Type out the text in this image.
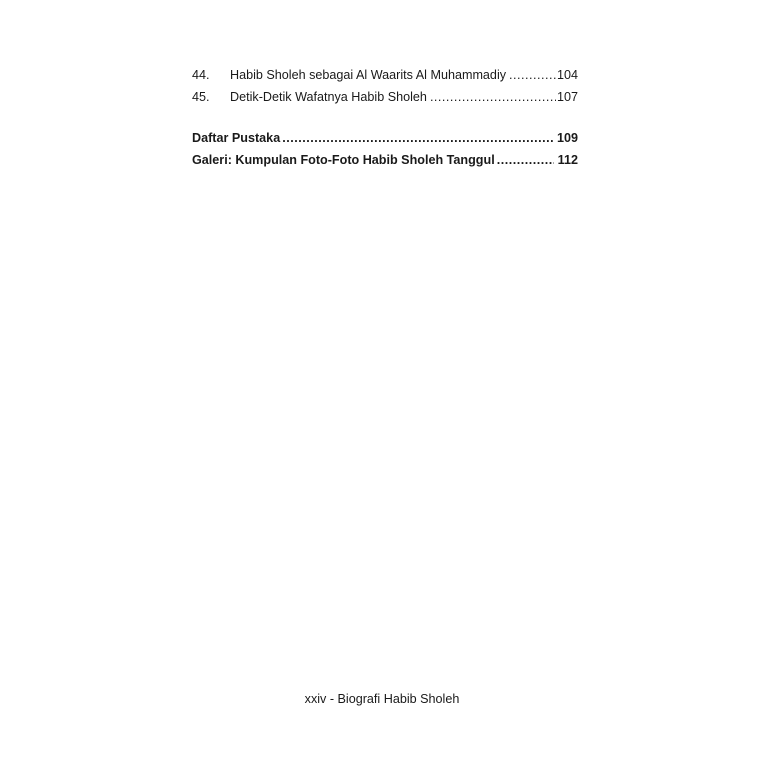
44.	Habib Sholeh sebagai Al Waarits Al Muhammadiy .....	104
45.	Detik-Detik Wafatnya Habib Sholeh .....	107
Daftar Pustaka .....	109
Galeri: Kumpulan Foto-Foto Habib Sholeh Tanggul .....	112
xxiv - Biografi Habib Sholeh
